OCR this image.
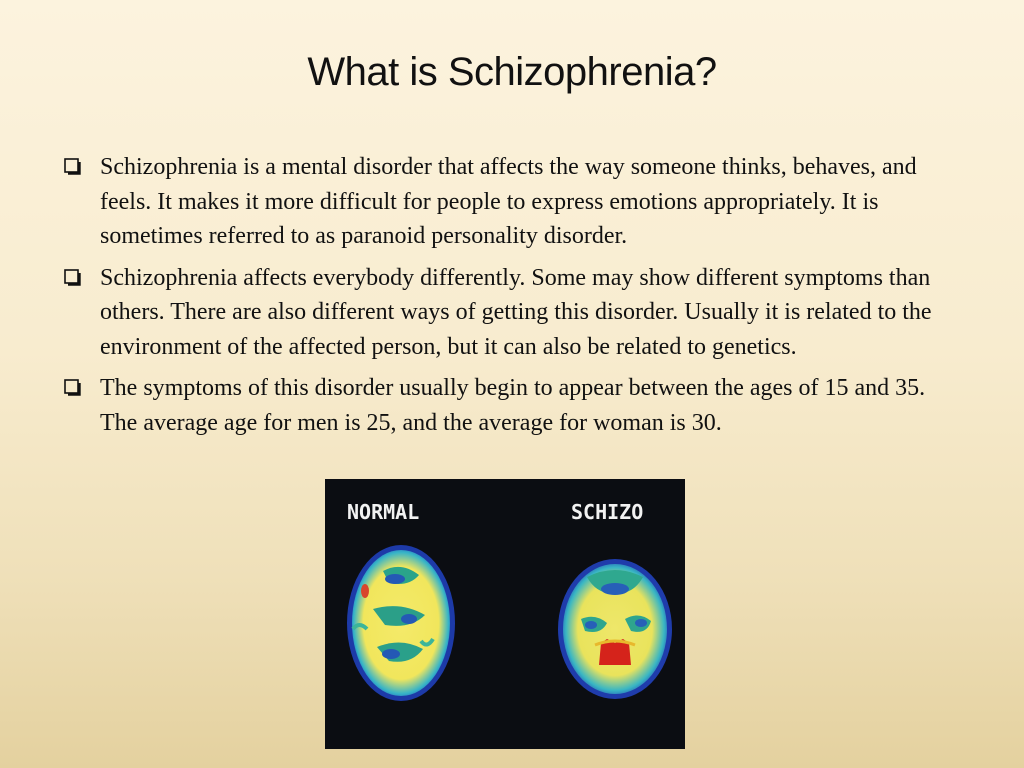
What is Schizophrenia?
Schizophrenia is a mental disorder that affects the way someone thinks, behaves, and feels. It makes it more difficult for people to express emotions appropriately. It is sometimes referred to as paranoid personality disorder.
Schizophrenia affects everybody differently. Some may show different symptoms than others. There are also different ways of getting this disorder. Usually it is related to the environment of the affected person, but it can also be related to genetics.
The symptoms of this disorder usually begin to appear between the ages of 15 and 35. The average age for men is 25, and the average for woman is 30.
NORMAL	SCHIZO
